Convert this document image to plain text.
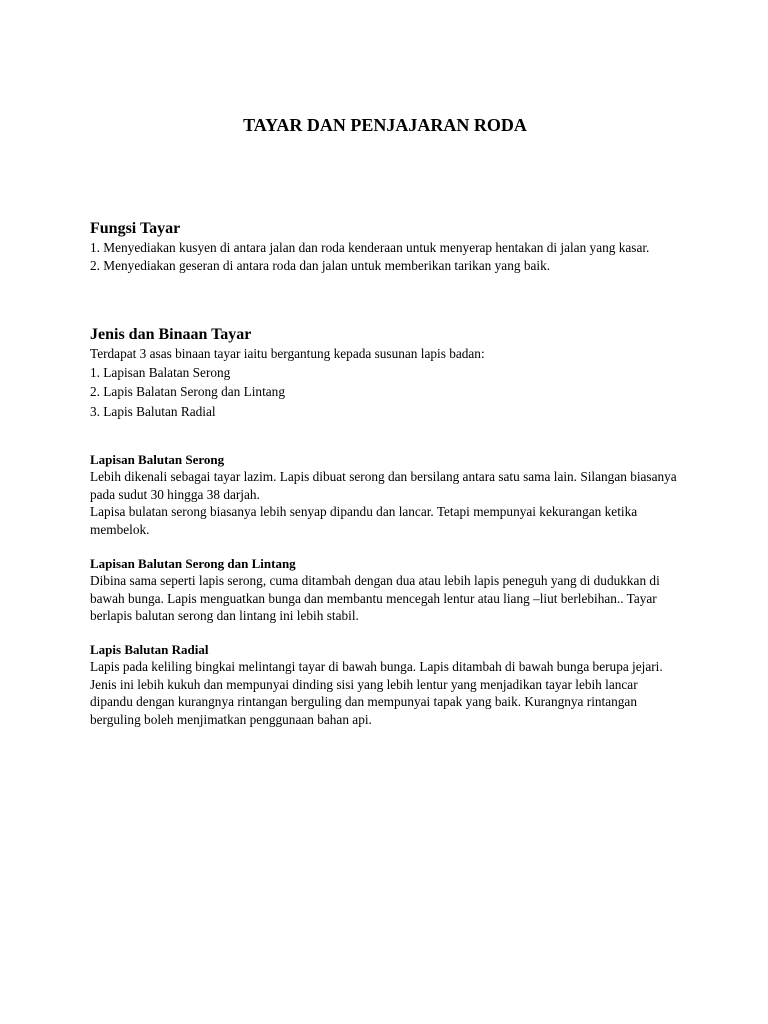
TAYAR DAN PENJAJARAN RODA
Fungsi Tayar

1. Menyediakan kusyen di antara jalan dan roda kenderaan untuk menyerap hentakan di jalan yang kasar.

2. Menyediakan geseran di antara roda dan jalan untuk memberikan tarikan yang baik.

Jenis dan Binaan Tayar

Terdapat 3 asas binaan tayar iaitu bergantung kepada susunan lapis badan:

1. Lapisan Balatan Serong
2. Lapis Balatan Serong dan Lintang
3. Lapis Balutan Radial
Lapisan Balutan Serong

Lebih dikenali sebagai tayar lazim. Lapis dibuat serong dan bersilang antara satu sama lain. Silangan biasanya pada sudut 30 hingga 38 darjah.

Lapisa bulatan serong biasanya lebih senyap dipandu dan lancar. Tetapi mempunyai kekurangan ketika membelok.

Lapisan Balutan Serong dan Lintang

Dibina sama seperti lapis serong, cuma ditambah dengan dua atau lebih lapis peneguh yang di dudukkan di bawah bunga. Lapis menguatkan bunga dan membantu mencegah lentur atau liang –liut berlebihan.. Tayar berlapis balutan serong dan lintang ini lebih stabil.

Lapis Balutan Radial

Lapis pada keliling bingkai melintangi tayar di bawah bunga. Lapis ditambah di bawah bunga berupa jejari. Jenis ini lebih kukuh dan mempunyai dinding sisi yang lebih lentur yang menjadikan tayar lebih lancar dipandu dengan kurangnya rintangan berguling dan mempunyai tapak yang baik. Kurangnya rintangan berguling boleh menjimatkan penggunaan bahan api.
